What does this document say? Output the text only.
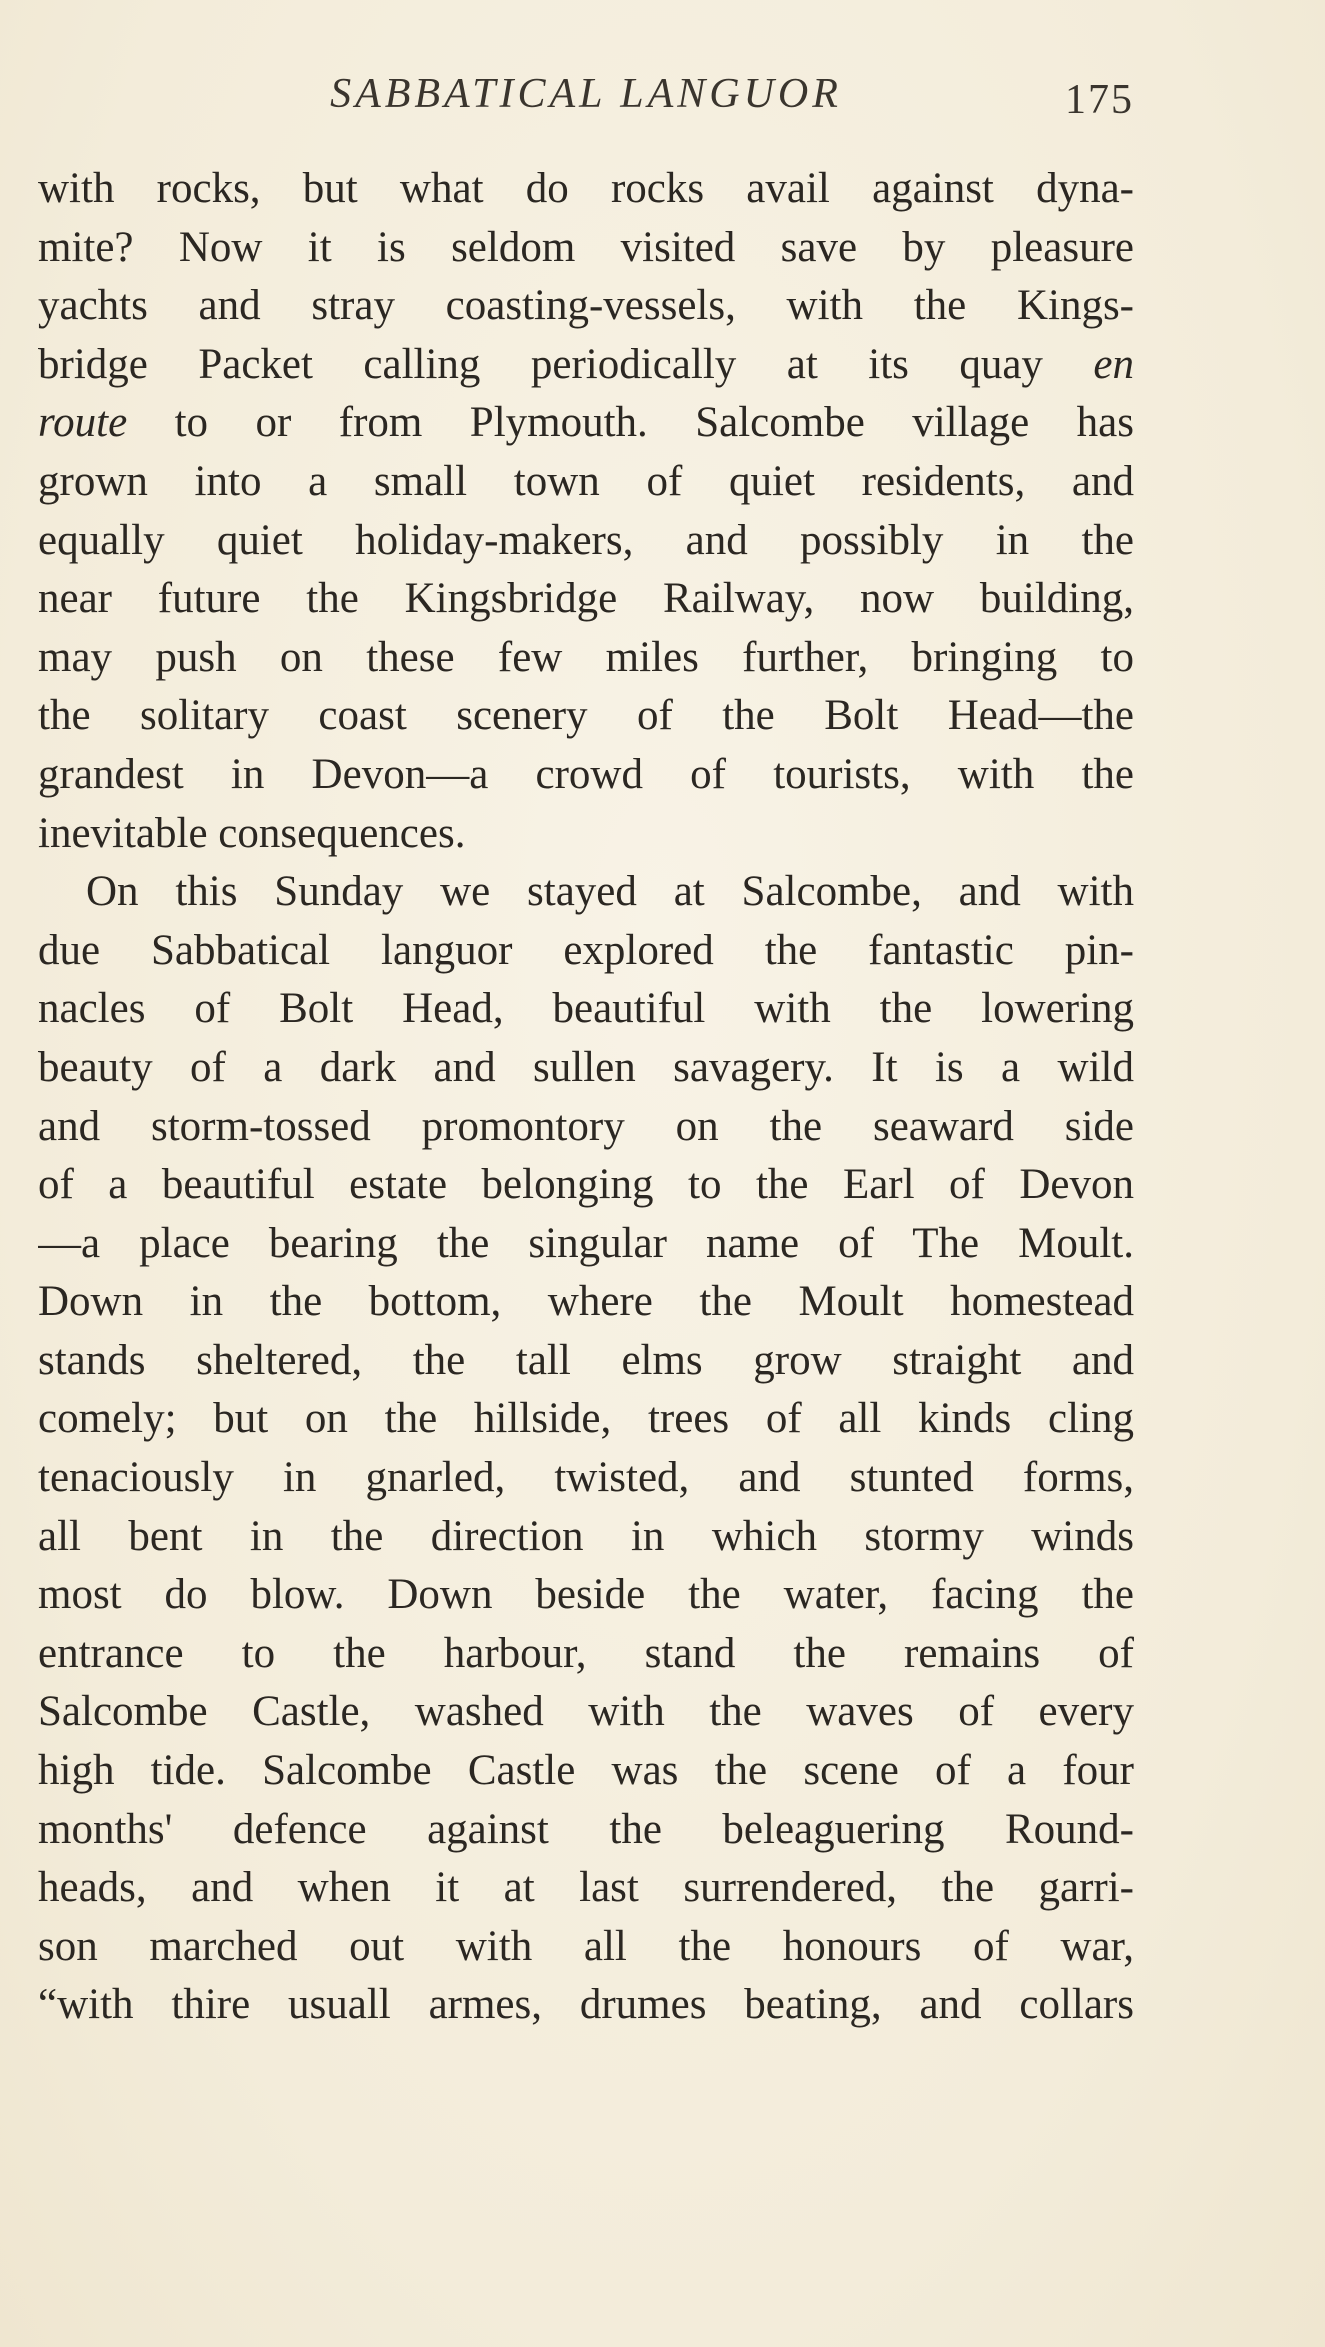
SABBATICAL LANGUOR	175
with rocks, but what do rocks avail against dyna-
mite? Now it is seldom visited save by pleasure
yachts and stray coasting-vessels, with the Kings-
bridge Packet calling periodically at its quay en
route to or from Plymouth. Salcombe village has
grown into a small town of quiet residents, and
equally quiet holiday-makers, and possibly in the
near future the Kingsbridge Railway, now building,
may push on these few miles further, bringing to
the solitary coast scenery of the Bolt Head—the
grandest in Devon—a crowd of tourists, with the
inevitable consequences.
On this Sunday we stayed at Salcombe, and with
due Sabbatical languor explored the fantastic pin-
nacles of Bolt Head, beautiful with the lowering
beauty of a dark and sullen savagery. It is a wild
and storm-tossed promontory on the seaward side
of a beautiful estate belonging to the Earl of Devon
—a place bearing the singular name of The Moult.
Down in the bottom, where the Moult homestead
stands sheltered, the tall elms grow straight and
comely; but on the hillside, trees of all kinds cling
tenaciously in gnarled, twisted, and stunted forms,
all bent in the direction in which stormy winds
most do blow. Down beside the water, facing the
entrance to the harbour, stand the remains of
Salcombe Castle, washed with the waves of every
high tide. Salcombe Castle was the scene of a four
months' defence against the beleaguering Round-
heads, and when it at last surrendered, the garri-
son marched out with all the honours of war,
“with thire usuall armes, drumes beating, and collars
